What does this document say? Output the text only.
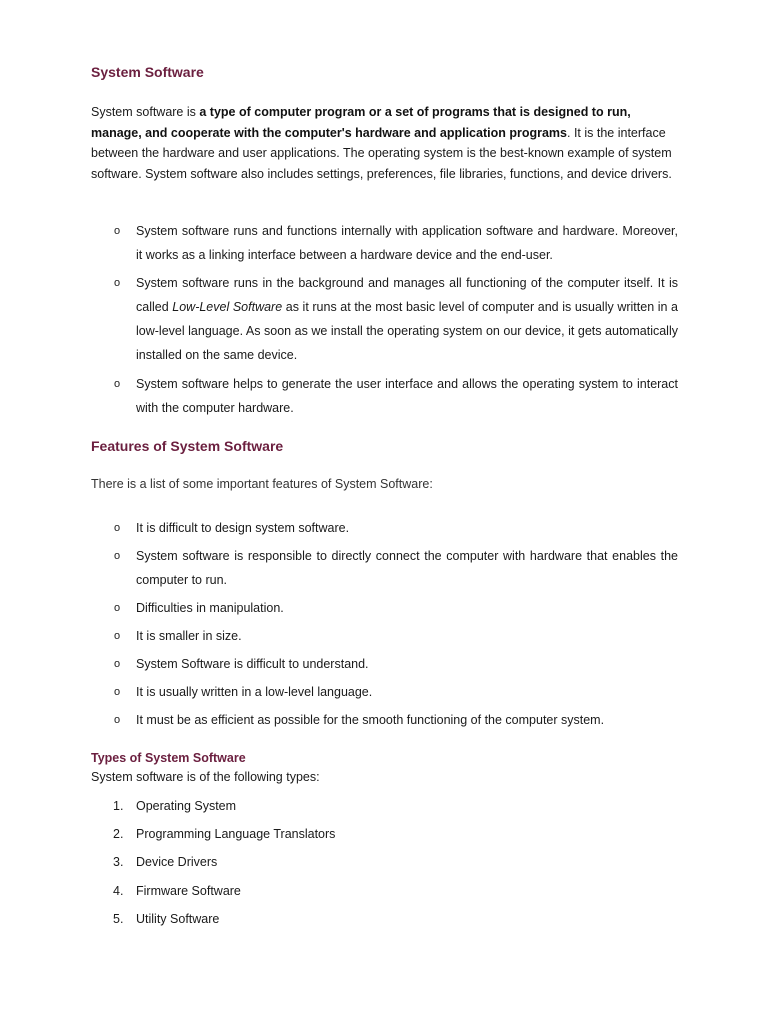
System Software
System software is a type of computer program or a set of programs that is designed to run, manage, and cooperate with the computer's hardware and application programs. It is the interface between the hardware and user applications. The operating system is the best-known example of system software. System software also includes settings, preferences, file libraries, functions, and device drivers.
o System software runs and functions internally with application software and hardware. Moreover, it works as a linking interface between a hardware device and the end-user.
o System software runs in the background and manages all functioning of the computer itself. It is called Low-Level Software as it runs at the most basic level of computer and is usually written in a low-level language. As soon as we install the operating system on our device, it gets automatically installed on the same device.
o System software helps to generate the user interface and allows the operating system to interact with the computer hardware.
Features of System Software
There is a list of some important features of System Software:
o It is difficult to design system software.
o System software is responsible to directly connect the computer with hardware that enables the computer to run.
o Difficulties in manipulation.
o It is smaller in size.
o System Software is difficult to understand.
o It is usually written in a low-level language.
o It must be as efficient as possible for the smooth functioning of the computer system.
Types of System Software
System software is of the following types:
1. Operating System
2. Programming Language Translators
3. Device Drivers
4. Firmware Software
5. Utility Software
